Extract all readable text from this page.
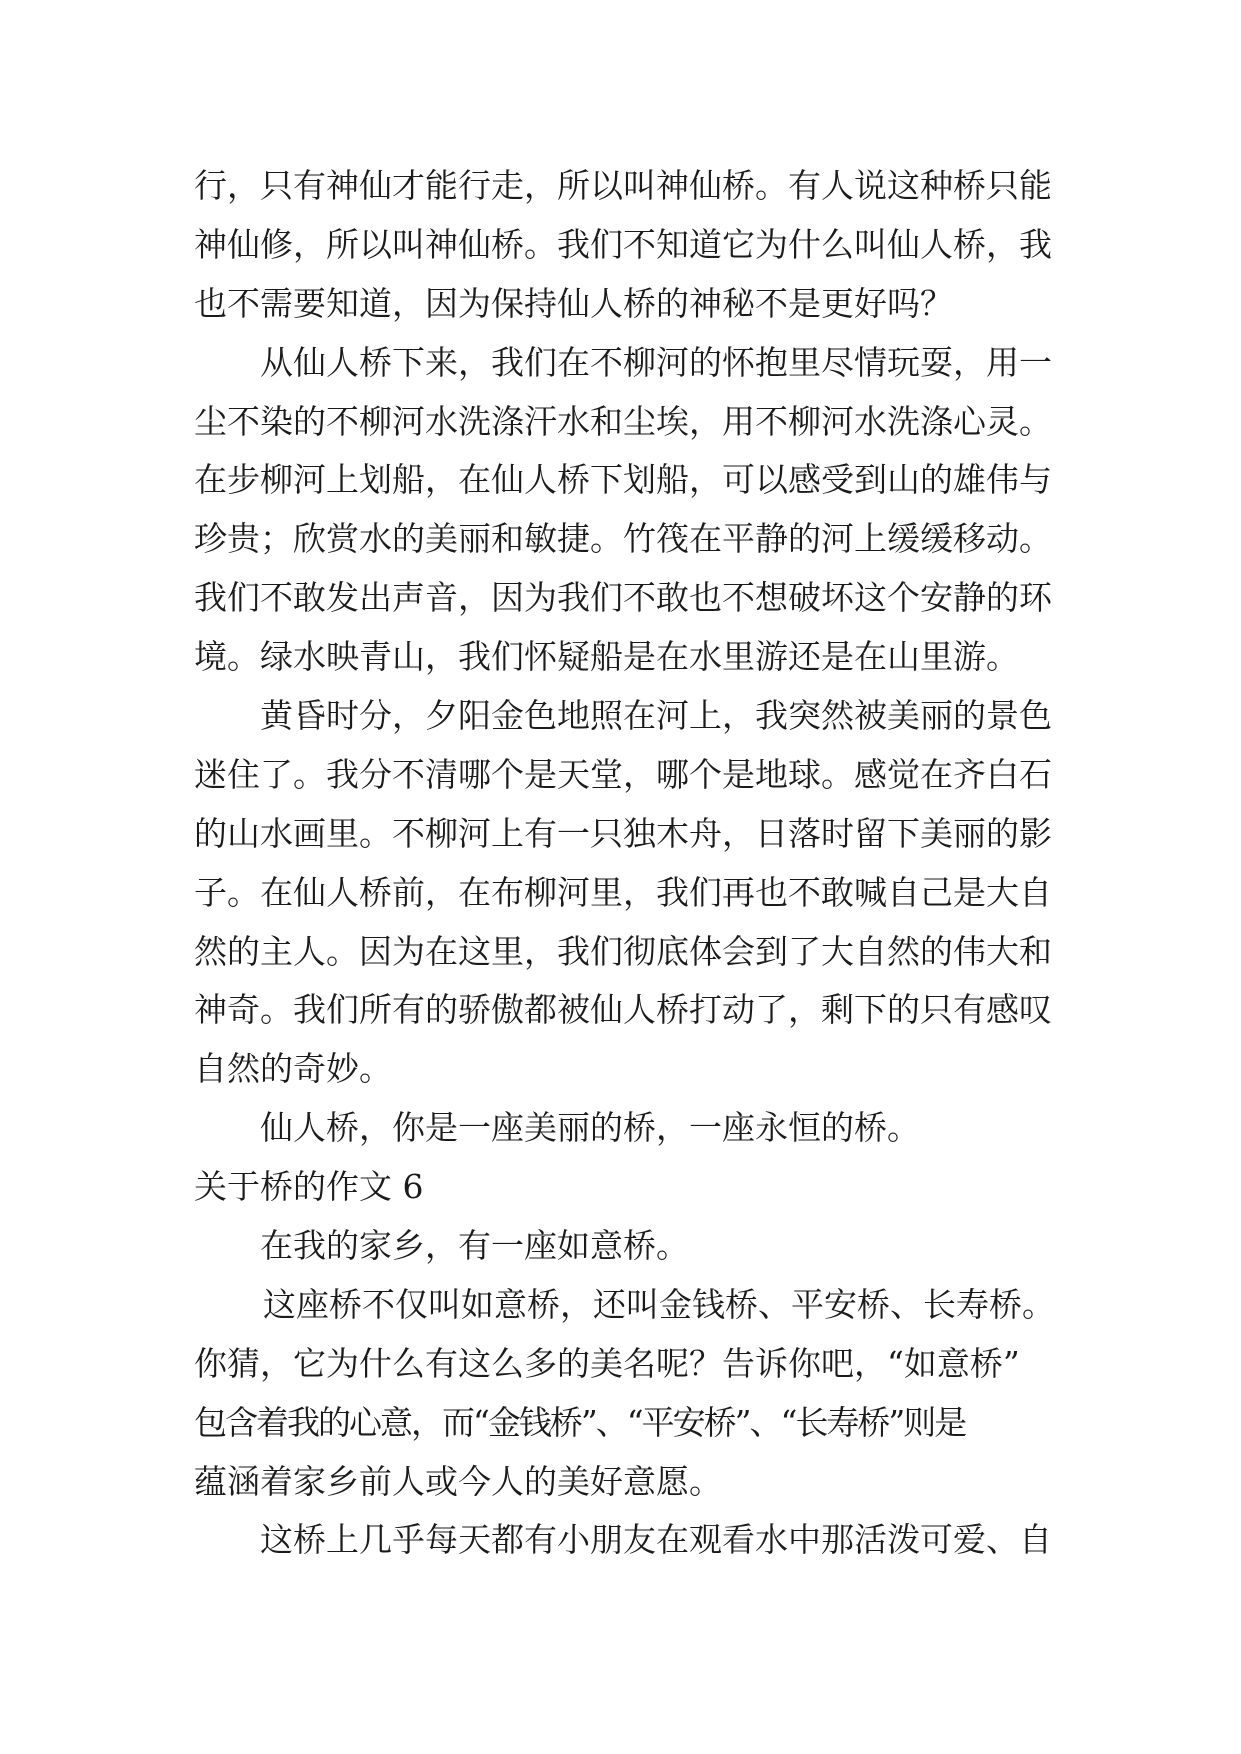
行，只有神仙才能行走，所以叫神仙桥。有人说这种桥只能
神仙修，所以叫神仙桥。我们不知道它为什么叫仙人桥，我
也不需要知道，因为保持仙人桥的神秘不是更好吗？
从仙人桥下来，我们在不柳河的怀抱里尽情玩耍，用一
尘不染的不柳河水洗涤汗水和尘埃，用不柳河水洗涤心灵。
在步柳河上划船，在仙人桥下划船，可以感受到山的雄伟与
珍贵；欣赏水的美丽和敏捷。竹筏在平静的河上缓缓移动。
我们不敢发出声音，因为我们不敢也不想破坏这个安静的环
境。绿水映青山，我们怀疑船是在水里游还是在山里游。
黄昏时分，夕阳金色地照在河上，我突然被美丽的景色
迷住了。我分不清哪个是天堂，哪个是地球。感觉在齐白石
的山水画里。不柳河上有一只独木舟，日落时留下美丽的影
子。在仙人桥前，在布柳河里，我们再也不敢喊自己是大自
然的主人。因为在这里，我们彻底体会到了大自然的伟大和
神奇。我们所有的骄傲都被仙人桥打动了，剩下的只有感叹
自然的奇妙。
仙人桥，你是一座美丽的桥，一座永恒的桥。
关于桥的作文 6
在我的家乡，有一座如意桥。
这座桥不仅叫如意桥，还叫金钱桥、平安桥、长寿桥。
你猜，它为什么有这么多的美名呢？告诉你吧，“如意桥”
包含着我的心意，而“金钱桥”、“平安桥”、“长寿桥”则是
蕴涵着家乡前人或今人的美好意愿。
这桥上几乎每天都有小朋友在观看水中那活泼可爱、自
